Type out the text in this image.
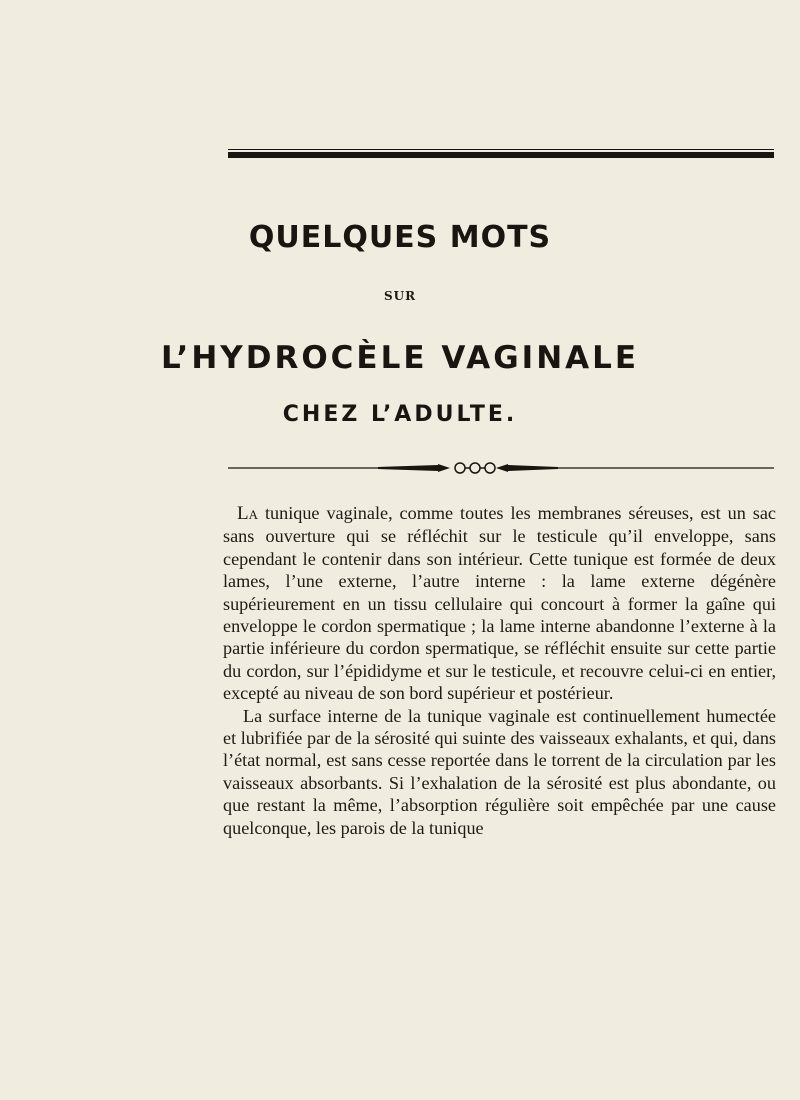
QUELQUES MOTS
SUR
L’HYDROCÈLE VAGINALE
CHEZ L’ADULTE.

La tunique vaginale, comme toutes les membranes séreuses, est un sac sans ouverture qui se réfléchit sur le testicule qu’il enveloppe, sans cependant le contenir dans son intérieur. Cette tunique est formée de deux lames, l’une externe, l’autre interne : la lame externe dégénère supérieurement en un tissu cellulaire qui concourt à former la gaîne qui enveloppe le cordon spermatique ; la lame interne abandonne l’externe à la partie inférieure du cordon spermatique, se réfléchit ensuite sur cette partie du cordon, sur l’épididyme et sur le testicule, et recouvre celui-ci en entier, excepté au niveau de son bord supérieur et postérieur.

La surface interne de la tunique vaginale est continuellement humectée et lubrifiée par de la sérosité qui suinte des vaisseaux exhalants, et qui, dans l’état normal, est sans cesse reportée dans le torrent de la circulation par les vaisseaux absorbants. Si l’exhalation de la sérosité est plus abondante, ou que restant la même, l’absorption régulière soit empêchée par une cause quelconque, les parois de la tunique
